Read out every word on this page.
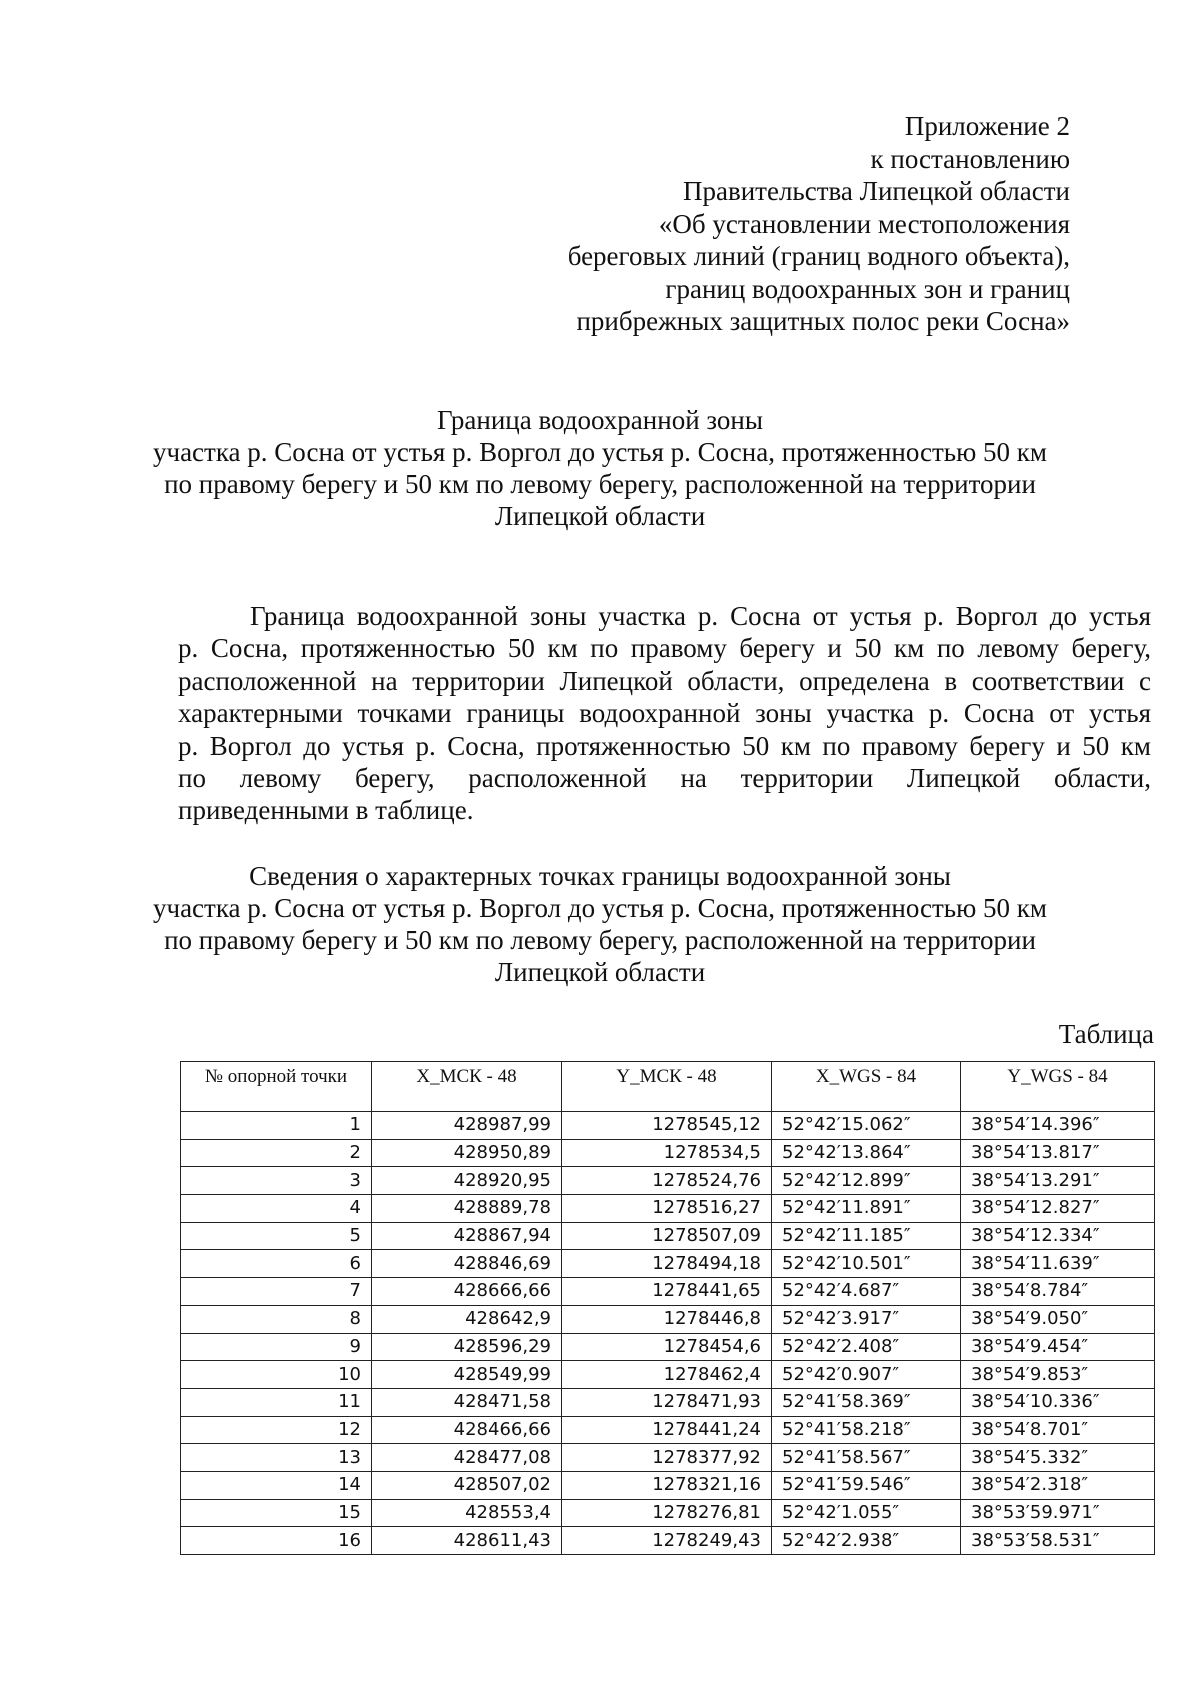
Приложение 2
к постановлению
Правительства Липецкой области
«Об установлении местоположения
береговых линий (границ водного объекта),
границ водоохранных зон и границ
прибрежных защитных полос реки Сосна»
Граница водоохранной зоны
участка р. Сосна от устья р. Воргол до устья р. Сосна, протяженностью 50 км
по правому берегу и 50 км по левому берегу, расположенной на территории
Липецкой области
Граница водоохранной зоны участка р. Сосна от устья р. Воргол до устья
р. Сосна, протяженностью 50 км по правому берегу и 50 км по левому берегу,
расположенной на территории Липецкой области, определена в соответствии с
характерными точками границы водоохранной зоны участка р. Сосна от устья
р. Воргол до устья р. Сосна, протяженностью 50 км по правому берегу и 50 км
по левому берегу, расположенной на территории Липецкой области,
приведенными в таблице.
Сведения о характерных точках границы водоохранной зоны
участка р. Сосна от устья р. Воргол до устья р. Сосна, протяженностью 50 км
по правому берегу и 50 км по левому берегу, расположенной на территории
Липецкой области
Таблица
№ опорной точки	X_МСК - 48	Y_МСК - 48	X_WGS - 84	Y_WGS - 84
1	428987,99	1278545,12	52°42′15.062″	38°54′14.396″
2	428950,89	1278534,5	52°42′13.864″	38°54′13.817″
3	428920,95	1278524,76	52°42′12.899″	38°54′13.291″
4	428889,78	1278516,27	52°42′11.891″	38°54′12.827″
5	428867,94	1278507,09	52°42′11.185″	38°54′12.334″
6	428846,69	1278494,18	52°42′10.501″	38°54′11.639″
7	428666,66	1278441,65	52°42′4.687″	38°54′8.784″
8	428642,9	1278446,8	52°42′3.917″	38°54′9.050″
9	428596,29	1278454,6	52°42′2.408″	38°54′9.454″
10	428549,99	1278462,4	52°42′0.907″	38°54′9.853″
11	428471,58	1278471,93	52°41′58.369″	38°54′10.336″
12	428466,66	1278441,24	52°41′58.218″	38°54′8.701″
13	428477,08	1278377,92	52°41′58.567″	38°54′5.332″
14	428507,02	1278321,16	52°41′59.546″	38°54′2.318″
15	428553,4	1278276,81	52°42′1.055″	38°53′59.971″
16	428611,43	1278249,43	52°42′2.938″	38°53′58.531″
